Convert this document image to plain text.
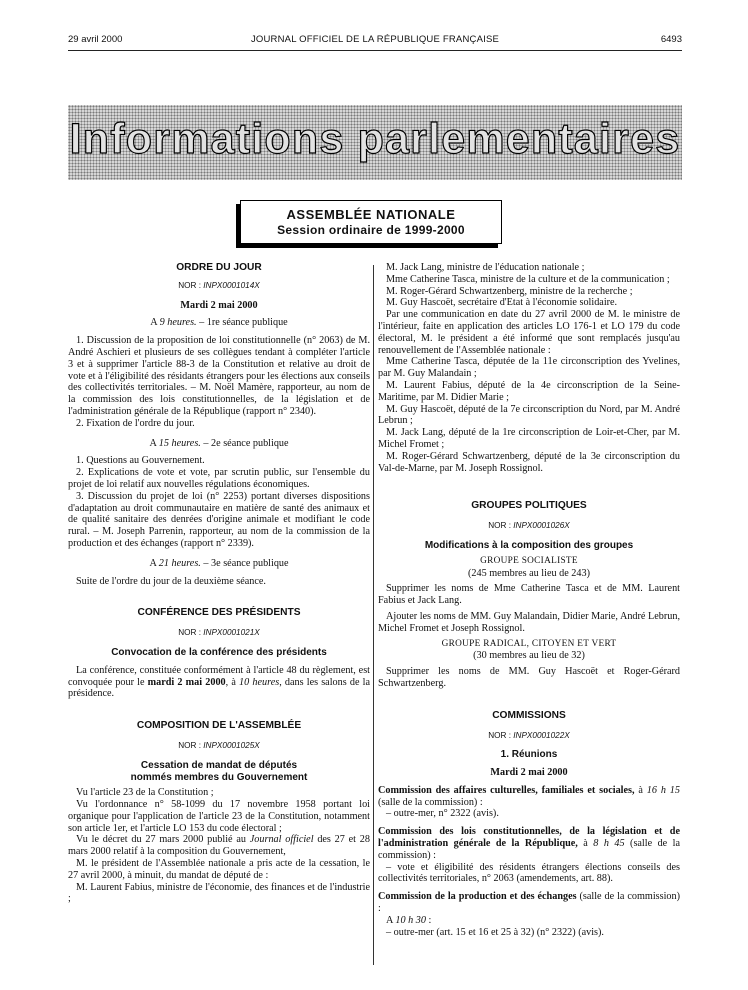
29 avril 2000	JOURNAL OFFICIEL DE LA RÉPUBLIQUE FRANÇAISE	6493
Informations parlementaires
ASSEMBLÉE NATIONALE
Session ordinaire de 1999-2000
ORDRE DU JOUR
NOR : INPX0001014X
Mardi 2 mai 2000
A 9 heures. – 1re séance publique

1. Discussion de la proposition de loi constitutionnelle (n° 2063) de M. André Aschieri et plusieurs de ses collègues tendant à compléter l'article 3 et à supprimer l'article 88-3 de la Constitution et relative au droit de vote et à l'éligibilité des résidants étrangers pour les élections aux conseils des collectivités territoriales. – M. Noël Mamère, rapporteur, au nom de la commission des lois constitutionnelles, de la législation et de l'administration générale de la République (rapport n° 2340).

2. Fixation de l'ordre du jour.

A 15 heures. – 2e séance publique

1. Questions au Gouvernement.

2. Explications de vote et vote, par scrutin public, sur l'ensemble du projet de loi relatif aux nouvelles régulations économiques.

3. Discussion du projet de loi (n° 2253) portant diverses dispositions d'adaptation au droit communautaire en matière de santé des animaux et de qualité sanitaire des denrées d'origine animale et modifiant le code rural. – M. Joseph Parrenin, rapporteur, au nom de la commission de la production et des échanges (rapport n° 2339).

A 21 heures. – 3e séance publique

Suite de l'ordre du jour de la deuxième séance.

CONFÉRENCE DES PRÉSIDENTS
NOR : INPX0001021X
Convocation de la conférence des présidents

La conférence, constituée conformément à l'article 48 du règlement, est convoquée pour le mardi 2 mai 2000, à 10 heures, dans les salons de la présidence.

COMPOSITION DE L'ASSEMBLÉE
NOR : INPX0001025X
Cessation de mandat de députés
nommés membres du Gouvernement

Vu l'article 23 de la Constitution ;

Vu l'ordonnance n° 58-1099 du 17 novembre 1958 portant loi organique pour l'application de l'article 23 de la Constitution, notamment son article 1er, et l'article LO 153 du code électoral ;

Vu le décret du 27 mars 2000 publié au Journal officiel des 27 et 28 mars 2000 relatif à la composition du Gouvernement,

M. le président de l'Assemblée nationale a pris acte de la cessation, le 27 avril 2000, à minuit, du mandat de député de :

M. Laurent Fabius, ministre de l'économie, des finances et de l'industrie ;

M. Jack Lang, ministre de l'éducation nationale ;

Mme Catherine Tasca, ministre de la culture et de la communication ;

M. Roger-Gérard Schwartzenberg, ministre de la recherche ;

M. Guy Hascoët, secrétaire d'Etat à l'économie solidaire.

Par une communication en date du 27 avril 2000 de M. le ministre de l'intérieur, faite en application des articles LO 176-1 et LO 179 du code électoral, M. le président a été informé que sont remplacés jusqu'au renouvellement de l'Assemblée nationale :

Mme Catherine Tasca, députée de la 11e circonscription des Yvelines, par M. Guy Malandain ;

M. Laurent Fabius, député de la 4e circonscription de la Seine-Maritime, par M. Didier Marie ;

M. Guy Hascoët, député de la 7e circonscription du Nord, par M. André Lebrun ;

M. Jack Lang, député de la 1re circonscription de Loir-et-Cher, par M. Michel Fromet ;

M. Roger-Gérard Schwartzenberg, député de la 3e circonscription du Val-de-Marne, par M. Joseph Rossignol.

GROUPES POLITIQUES
NOR : INPX0001026X
Modifications à la composition des groupes
GROUPE SOCIALISTE
(245 membres au lieu de 243)

Supprimer les noms de Mme Catherine Tasca et de MM. Laurent Fabius et Jack Lang.

Ajouter les noms de MM. Guy Malandain, Didier Marie, André Lebrun, Michel Fromet et Joseph Rossignol.

GROUPE RADICAL, CITOYEN ET VERT
(30 membres au lieu de 32)

Supprimer les noms de MM. Guy Hascoët et Roger-Gérard Schwartzenberg.

COMMISSIONS
NOR : INPX0001022X
1. Réunions
Mardi 2 mai 2000

Commission des affaires culturelles, familiales et sociales, à 16 h 15 (salle de la commission) :

– outre-mer, n° 2322 (avis).

Commission des lois constitutionnelles, de la législation et de l'administration générale de la République, à 8 h 45 (salle de la commission) :

– vote et éligibilité des résidents étrangers élections conseils des collectivités territoriales, n° 2063 (amendements, art. 88).

Commission de la production et des échanges (salle de la commission) :

A 10 h 30 :

– outre-mer (art. 15 et 16 et 25 à 32) (n° 2322) (avis).
